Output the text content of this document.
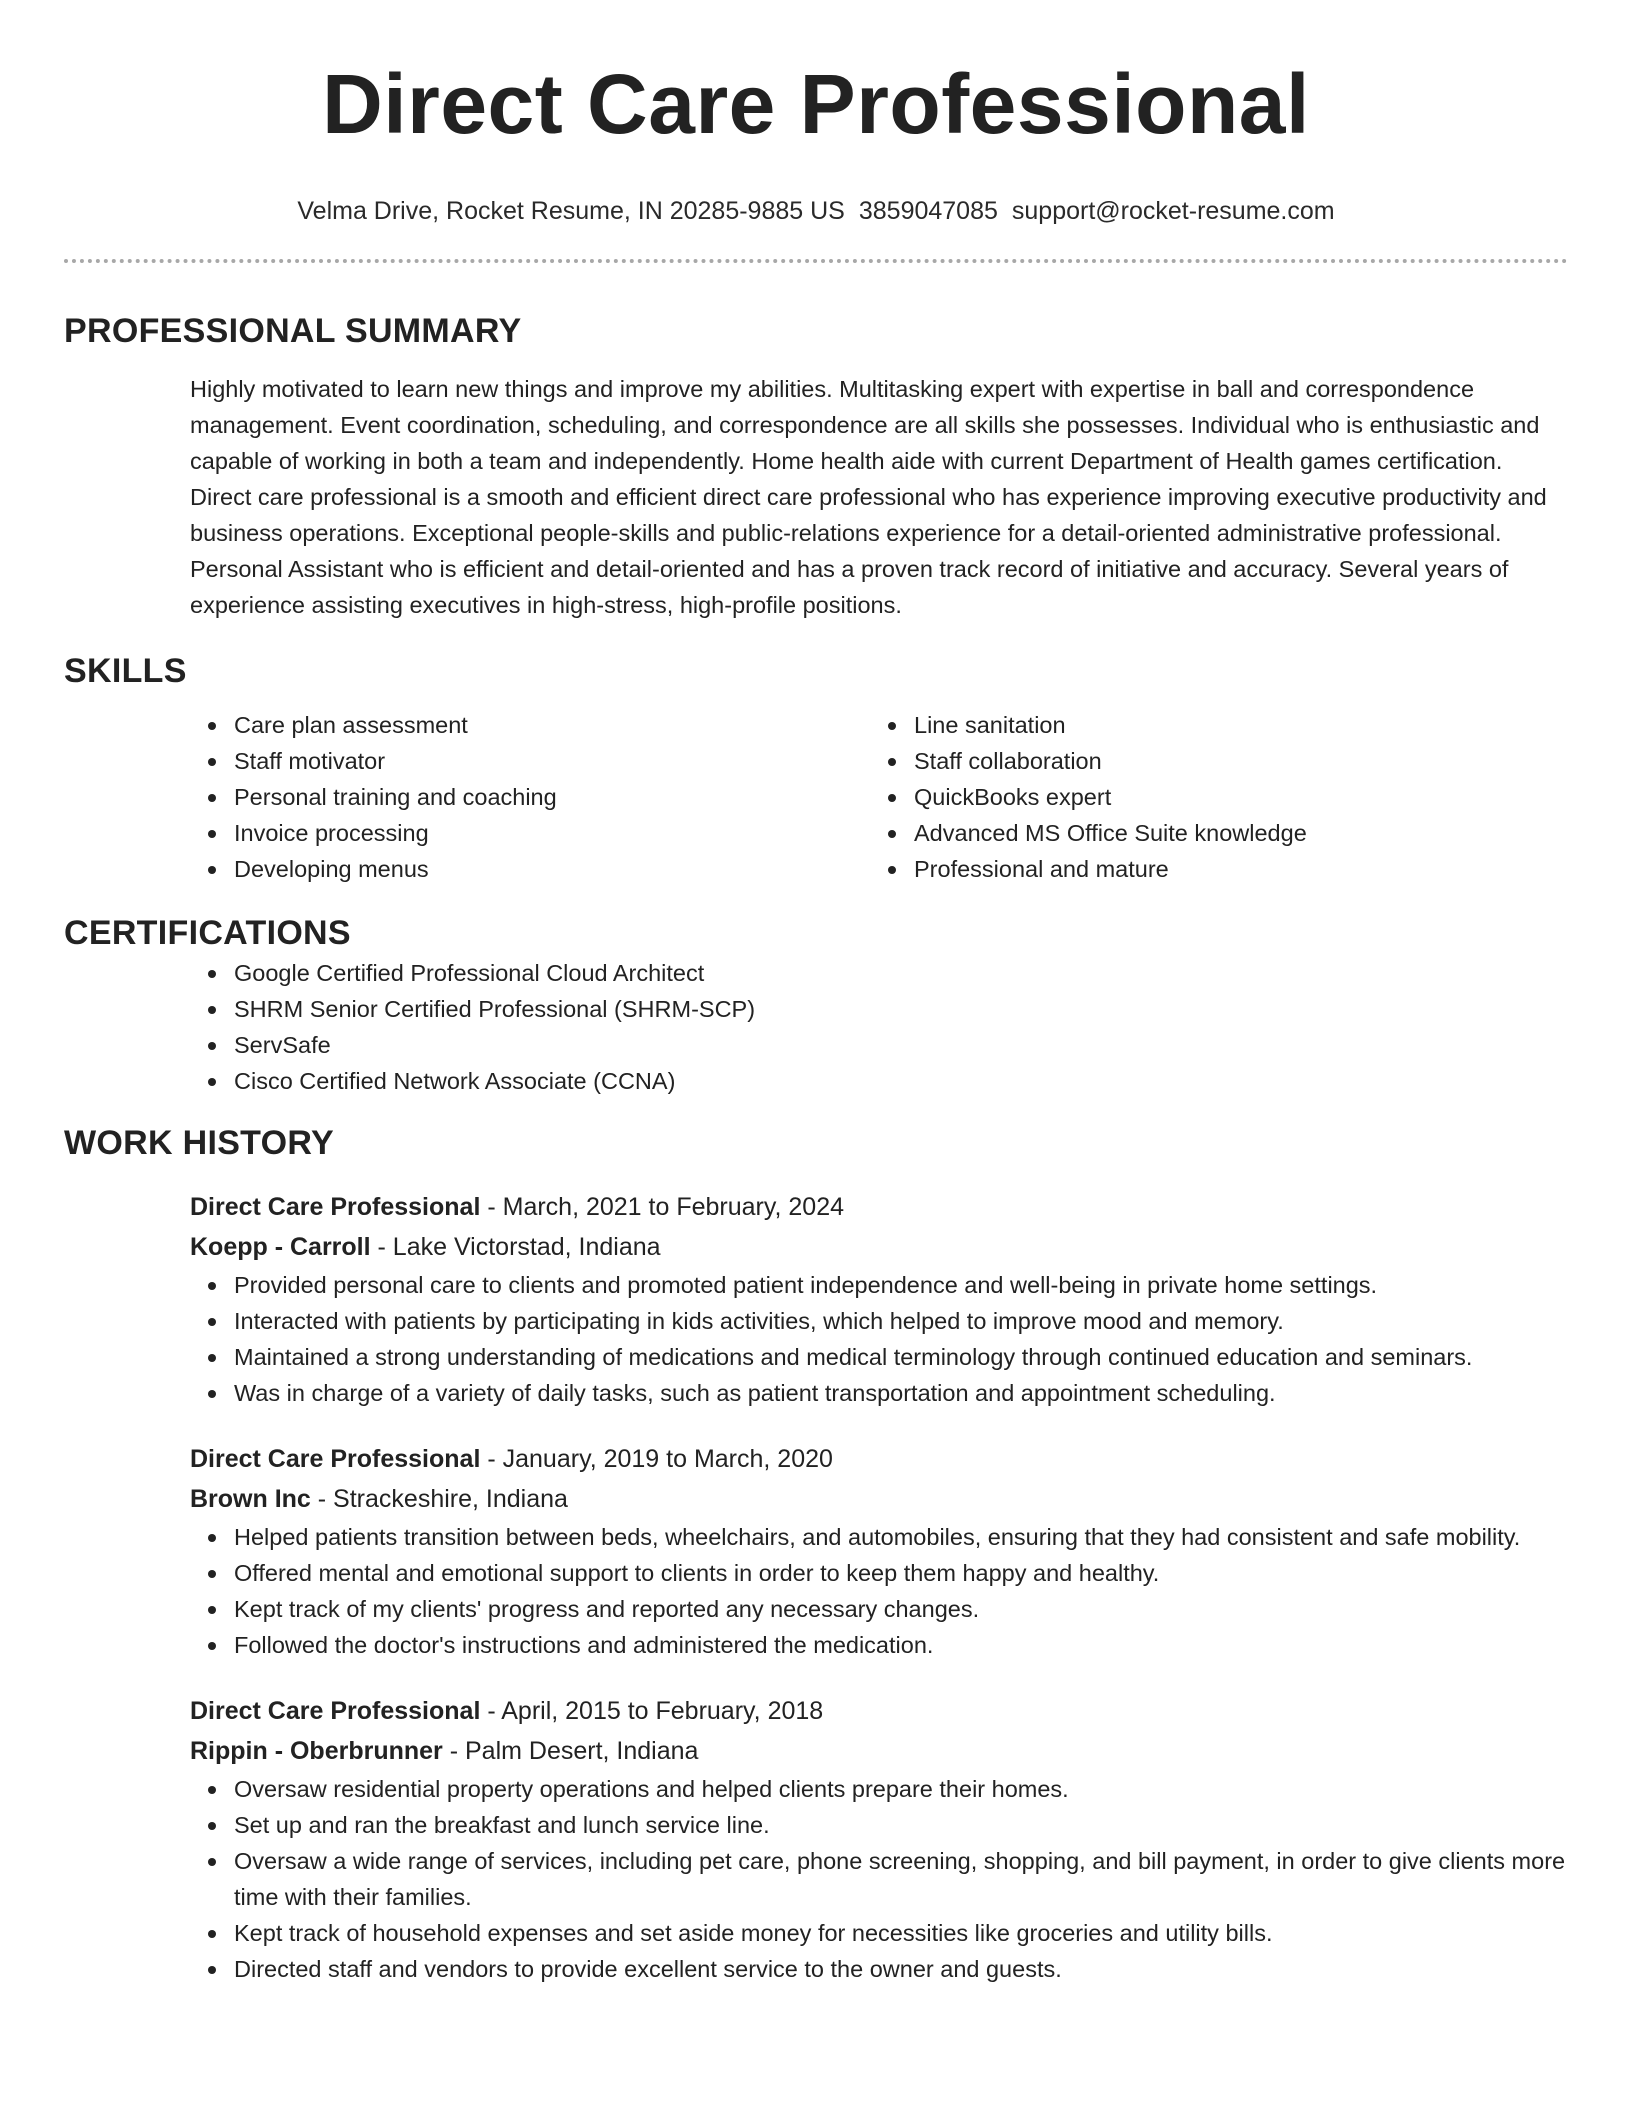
Direct Care Professional
Velma Drive, Rocket Resume, IN 20285-9885 US 3859047085 support@rocket-resume.com
PROFESSIONAL SUMMARY

Highly motivated to learn new things and improve my abilities. Multitasking expert with expertise in ball and correspondence management. Event coordination, scheduling, and correspondence are all skills she possesses. Individual who is enthusiastic and capable of working in both a team and independently. Home health aide with current Department of Health games certification. Direct care professional is a smooth and efficient direct care professional who has experience improving executive productivity and business operations. Exceptional people-skills and public-relations experience for a detail-oriented administrative professional. Personal Assistant who is efficient and detail-oriented and has a proven track record of initiative and accuracy. Several years of experience assisting executives in high-stress, high-profile positions.

SKILLS
Care plan assessment
Staff motivator
Personal training and coaching
Invoice processing
Developing menus
Line sanitation
Staff collaboration
QuickBooks expert
Advanced MS Office Suite knowledge
Professional and mature
CERTIFICATIONS
Google Certified Professional Cloud Architect
SHRM Senior Certified Professional (SHRM-SCP)
ServSafe
Cisco Certified Network Associate (CCNA)
WORK HISTORY
Direct Care Professional - March, 2021 to February, 2024
Koepp - Carroll - Lake Victorstad, Indiana
Provided personal care to clients and promoted patient independence and well-being in private home settings.
Interacted with patients by participating in kids activities, which helped to improve mood and memory.
Maintained a strong understanding of medications and medical terminology through continued education and seminars.
Was in charge of a variety of daily tasks, such as patient transportation and appointment scheduling.
Direct Care Professional - January, 2019 to March, 2020
Brown Inc - Strackeshire, Indiana
Helped patients transition between beds, wheelchairs, and automobiles, ensuring that they had consistent and safe mobility.
Offered mental and emotional support to clients in order to keep them happy and healthy.
Kept track of my clients' progress and reported any necessary changes.
Followed the doctor's instructions and administered the medication.
Direct Care Professional - April, 2015 to February, 2018
Rippin - Oberbrunner - Palm Desert, Indiana
Oversaw residential property operations and helped clients prepare their homes.
Set up and ran the breakfast and lunch service line.
Oversaw a wide range of services, including pet care, phone screening, shopping, and bill payment, in order to give clients more time with their families.
Kept track of household expenses and set aside money for necessities like groceries and utility bills.
Directed staff and vendors to provide excellent service to the owner and guests.
